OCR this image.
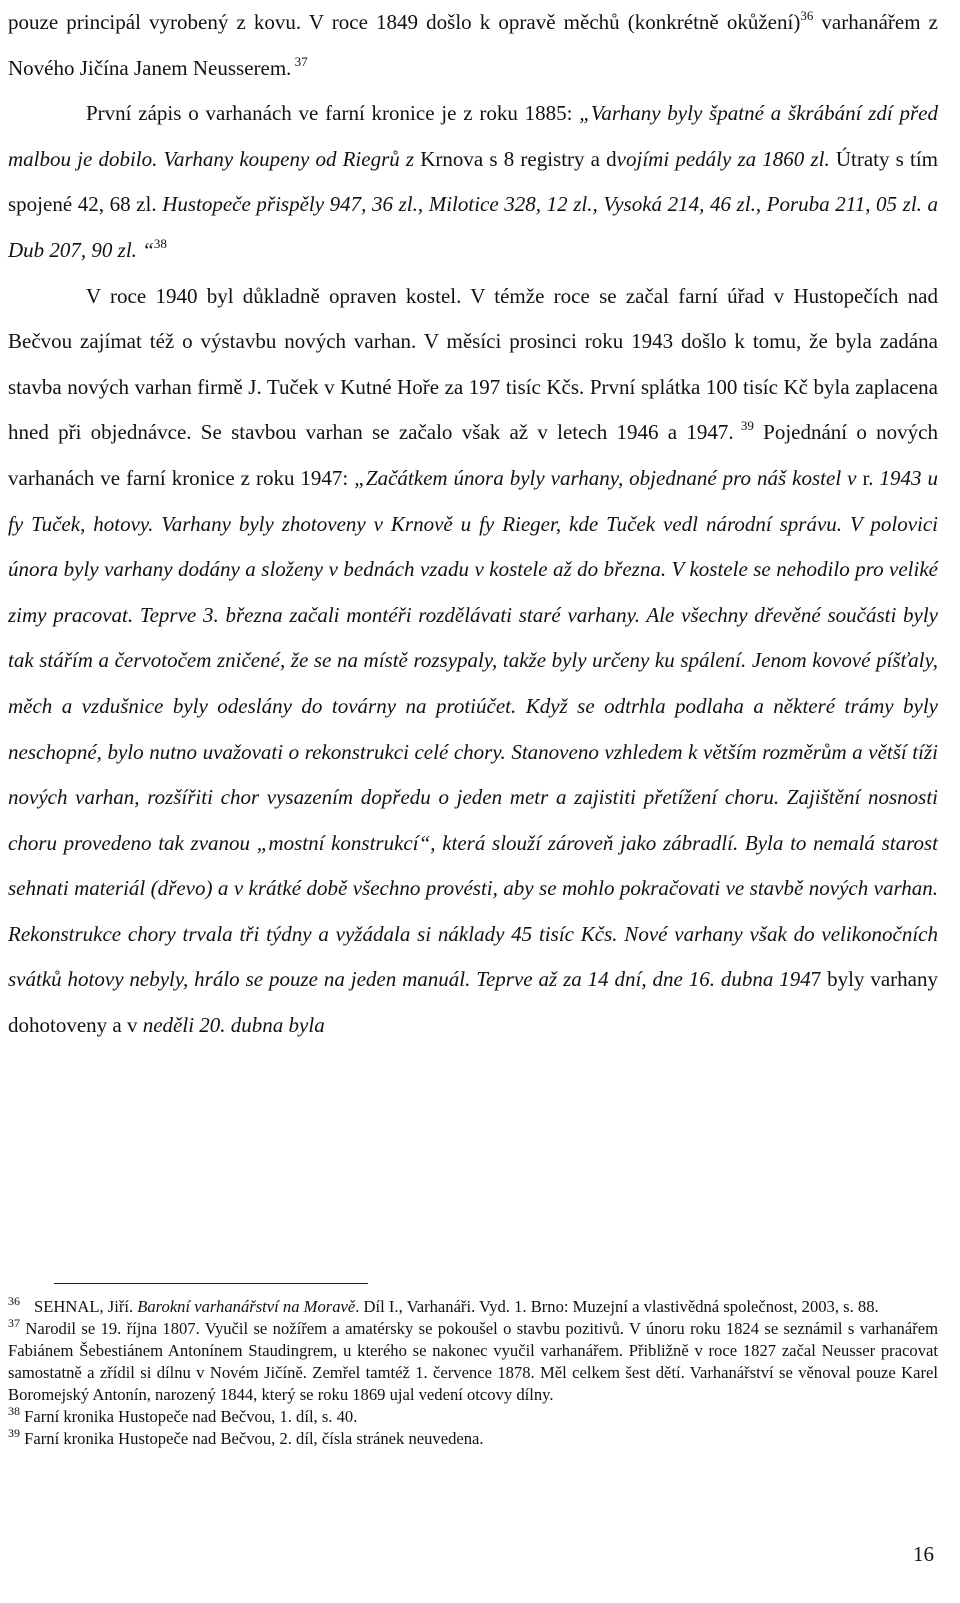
pouze principál vyrobený z kovu. V roce 1849 došlo k opravě měchů (konkrétně okůžení)$^{36}$ varhanářem z Nového Jičína Janem Neusserem. $^{37}$

První zápis o varhanách ve farní kronice je z roku 1885: „Varhany byly špatné a škrábání zdí před malbou je dobilo. Varhany koupeny od Riegrů z Krnova s 8 registry a dvojími pedály za 1860 zl. Útraty s tím spojené 42, 68 zl. Hustopeče přispěly 947, 36 zl., Milotice 328, 12 zl., Vysoká 214, 46 zl., Poruba 211, 05 zl. a Dub 207, 90 zl. “$^{38}$

V roce 1940 byl důkladně opraven kostel. V témže roce se začal farní úřad v Hustopečích nad Bečvou zajímat též o výstavbu nových varhan. V měsíci prosinci roku 1943 došlo k tomu, že byla zadána stavba nových varhan firmě J. Tuček v Kutné Hoře za 197 tisíc Kčs. První splátka 100 tisíc Kč byla zaplacena hned při objednávce. Se stavbou varhan se začalo však až v letech 1946 a 1947. $^{39}$ Pojednání o nových varhanách ve farní kronice z roku 1947: „Začátkem února byly varhany, objednané pro náš kostel v r. 1943 u fy Tuček, hotovy. Varhany byly zhotoveny v Krnově u fy Rieger, kde Tuček vedl národní správu. V polovici února byly varhany dodány a složeny v bednách vzadu v kostele až do března. V kostele se nehodilo pro veliké zimy pracovat. Teprve 3. března začali montéři rozdělávati staré varhany. Ale všechny dřevěné součásti byly tak stářím a červotočem zničené, že se na místě rozsypaly, takže byly určeny ku spálení. Jenom kovové píšťaly, měch a vzdušnice byly odeslány do továrny na protiúčet. Když se odtrhla podlaha a některé trámy byly neschopné, bylo nutno uvažovati o rekonstrukci celé chory. Stanoveno vzhledem k větším rozměrům a větší tíži nových varhan, rozšířiti chor vysazením dopředu o jeden metr a zajistiti přetížení choru. Zajištění nosnosti choru provedeno tak zvanou „mostní konstrukcí“, která slouží zároveň jako zábradlí. Byla to nemalá starost sehnati materiál (dřevo) a v krátké době všechno provésti, aby se mohlo pokračovati ve stavbě nových varhan. Rekonstrukce chory trvala tři týdny a vyžádala si náklady 45 tisíc Kčs. Nové varhany však do velikonočních svátků hotovy nebyly, hrálo se pouze na jeden manuál. Teprve až za 14 dní, dne 16. dubna 1947 byly varhany dohotoveny a v neděli 20. dubna byla

$^{36}$ SEHNAL, Jiří. Barokní varhanářství na Moravě. Díl I., Varhanáři. Vyd. 1. Brno: Muzejní a vlastivědná společnost, 2003, s. 88.

$^{37}$ Narodil se 19. října 1807. Vyučil se nožířem a amatérsky se pokoušel o stavbu pozitivů. V únoru roku 1824 se seznámil s varhanářem Fabiánem Šebestiánem Antonínem Staudingrem, u kterého se nakonec vyučil varhanářem. Přibližně v roce 1827 začal Neusser pracovat samostatně a zřídil si dílnu v Novém Jičíně. Zemřel tamtéž 1. července 1878. Měl celkem šest dětí. Varhanářství se věnoval pouze Karel Boromejský Antonín, narozený 1844, který se roku 1869 ujal vedení otcovy dílny.

$^{38}$ Farní kronika Hustopeče nad Bečvou, 1. díl, s. 40.

$^{39}$ Farní kronika Hustopeče nad Bečvou, 2. díl, čísla stránek neuvedena.

16
